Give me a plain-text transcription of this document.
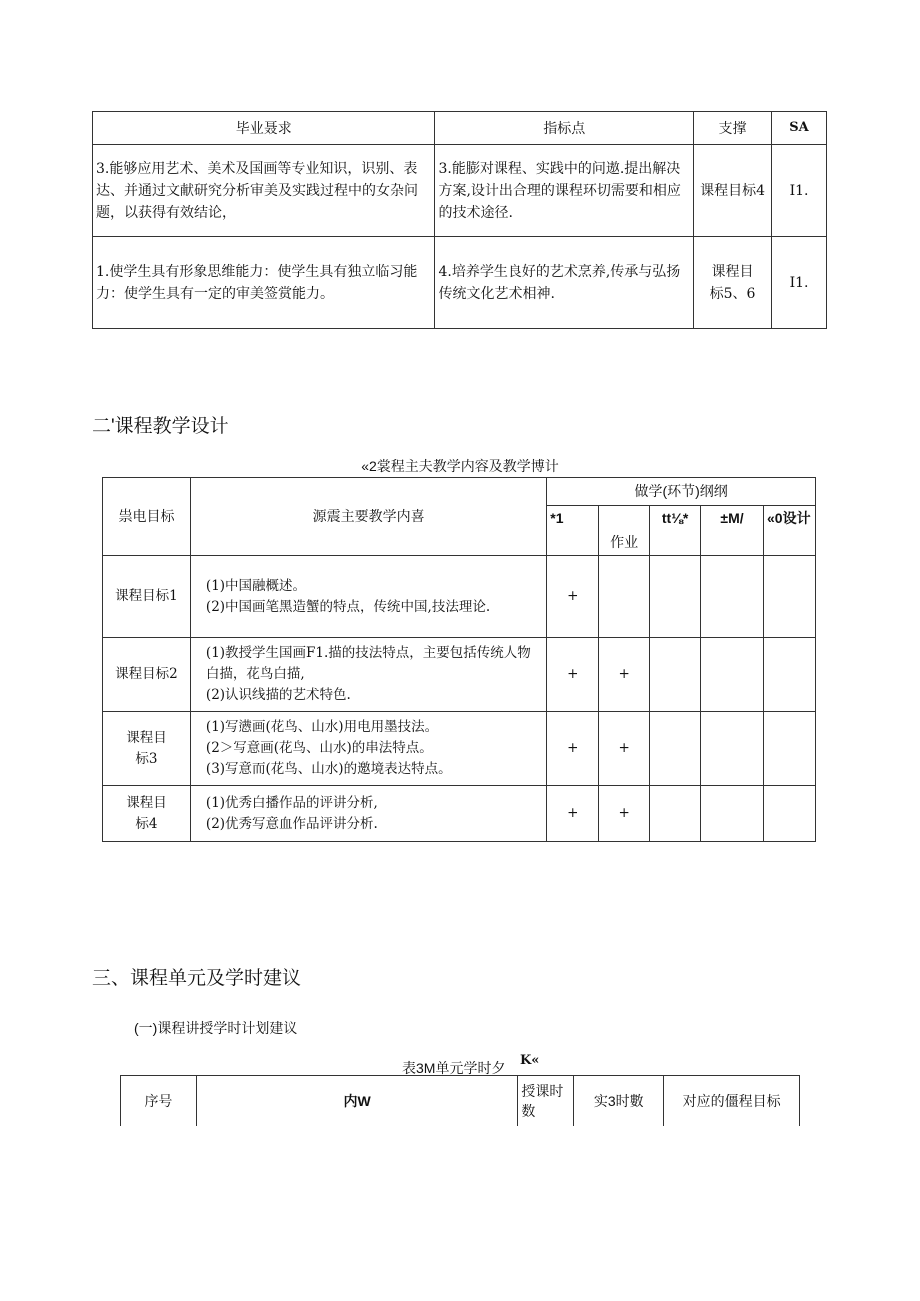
毕业聂求	指标点	支撑	SA
3.能够应用艺术、美术及国画等专业知识，识别、表达、并通过文献研究分析审美及实践过程中的女杂问题，以获得有效结论，	3.能膨对课程、实践中的问遨.提出解决方案,设计出合理的课程环切需要和相应的技术途径.	课程目标4	I1.
1.使学生具有形象思维能力：使学生具有独立临习能力：使学生具有一定的审美签赏能力。	4.培养学生良好的艺术烹养,传承与弘扬传统文化艺术相神.	课程目标5、6	I1.
二'课程教学设计
«2裳程主夫教学内容及教学博计
祟电目标	源震主要教学内喜	做学(环节)纲纲				
		*1	作业	tt⅛*	±M/	«0设计
课程目标1	(1)中国融概述。
(2)中国画笔黑造蟹的特点，传统中国,技法理论.	+				
课程目标2	(1)教授学生国画F1.描的技法特点，主要包括传统人物白描，花鸟白描,
(2)认识线描的艺术特色.	+	+			
课程目标3	(1)写懑画(花鸟、山水)用电用墨技法。
(2＞写意画(花鸟、山水)的串法特点。
(3)写意而(花鸟、山水)的邀境表达特点。	+	+			
课程目标4	(1)优秀白播作品的评讲分析,
(2)优秀写意血作品评讲分析.	+	+			
三、课程单元及学时建议
(一)课程讲授学时计划建议
表3M单元学时夕 K«
序号	内W	授课时数	实3时數	对应的僵程目标
